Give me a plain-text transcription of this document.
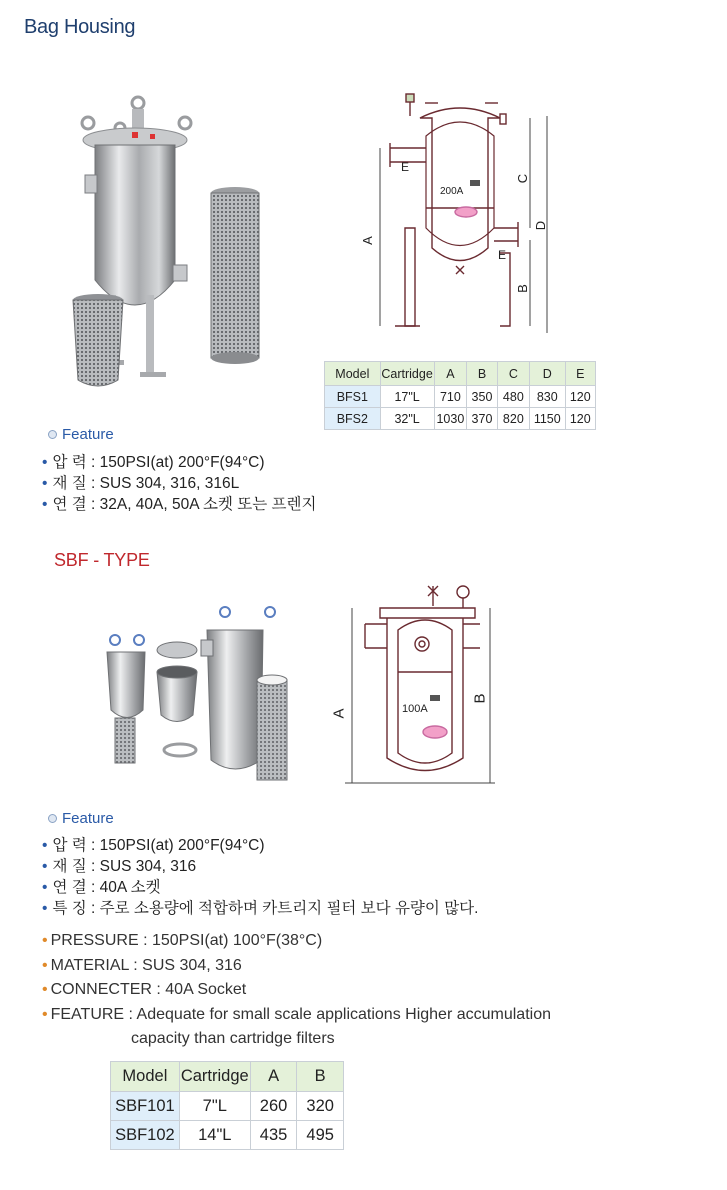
Bag Housing
A
B
C
D
E
E
200A
Model	Cartridge	A	B	C	D	E
BFS1	17"L	710	350	480	830	120
BFS2	32"L	1030	370	820	1150	120
Feature
• 압 력 : 150PSI(at) 200°F(94°C)
• 재 질 : SUS 304, 316, 316L
• 연 결 : 32A, 40A, 50A 소켓 또는 프렌지
SBF - TYPE
A
B
100A
Feature
• 압 력 : 150PSI(at) 200°F(94°C)
• 재 질 : SUS 304, 316
• 연 결 : 40A 소켓
• 특 징 : 주로 소용량에 적합하며 카트리지 필터 보다 유량이 많다.
• PRESSURE : 150PSI(at) 100°F(38°C)
• MATERIAL : SUS 304, 316
• CONNECTER : 40A Socket
• FEATURE : Adequate for small scale applications Higher accumulation
capacity than cartridge filters
Model	Cartridge	A	B
SBF101	7"L	260	320
SBF102	14"L	435	495
